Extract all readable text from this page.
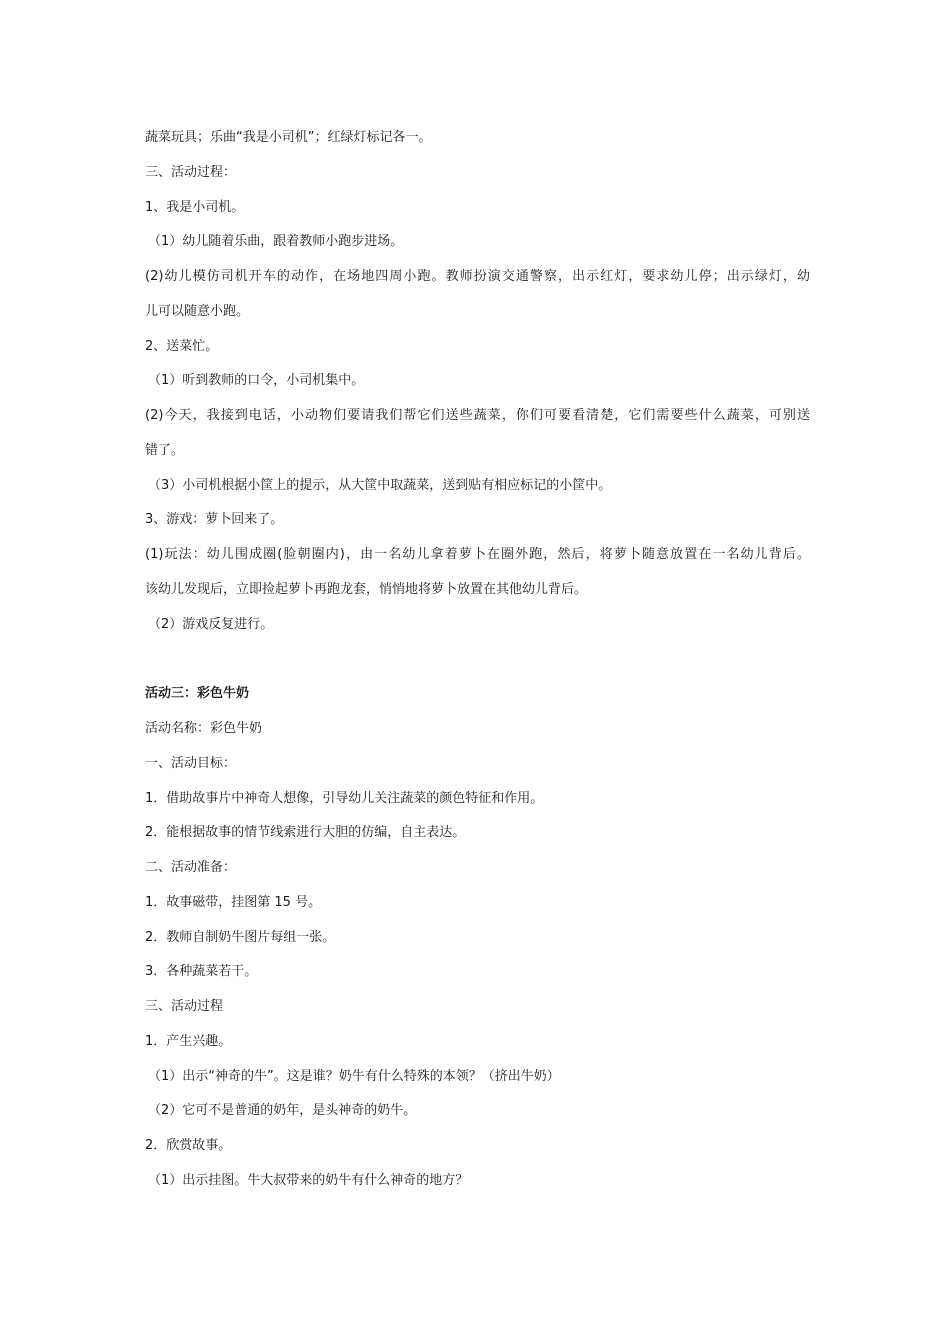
蔬菜玩具；乐曲“我是小司机”；红绿灯标记各一。
三、活动过程：
1、我是小司机。
（1）幼儿随着乐曲，跟着教师小跑步进场。
(2)幼儿模仿司机开车的动作，在场地四周小跑。教师扮演交通警察，出示红灯，要求幼儿停；出示绿灯，幼
儿可以随意小跑。
2、送菜忙。
（1）听到教师的口令，小司机集中。
(2)今天，我接到电话，小动物们要请我们帮它们送些蔬菜，你们可要看清楚，它们需要些什么蔬菜，可别送
错了。
（3）小司机根据小筐上的提示，从大筐中取蔬菜，送到贴有相应标记的小筐中。
3、游戏：萝卜回来了。
(1)玩法：幼儿围成圈(脸朝圈内)，由一名幼儿拿着萝卜在圈外跑，然后，将萝卜随意放置在一名幼儿背后。
该幼儿发现后，立即捡起萝卜再跑龙套，悄悄地将萝卜放置在其他幼儿背后。
（2）游戏反复进行。
活动三：彩色牛奶
活动名称：彩色牛奶
一、活动目标：
1．借助故事片中神奇人想像，引导幼儿关注蔬菜的颜色特征和作用。
2．能根据故事的情节线索进行大胆的仿编，自主表达。
二、活动准备：
1．故事磁带，挂图第 15 号。
2．教师自制奶牛图片每组一张。
3．各种蔬菜若干。
三、活动过程
1．产生兴趣。
（1）出示“神奇的牛”。这是谁？奶牛有什么特殊的本领？（挤出牛奶）
（2）它可不是普通的奶年，是头神奇的奶牛。
2．欣赏故事。
（1）出示挂图。牛大叔带来的奶牛有什么神奇的地方？
